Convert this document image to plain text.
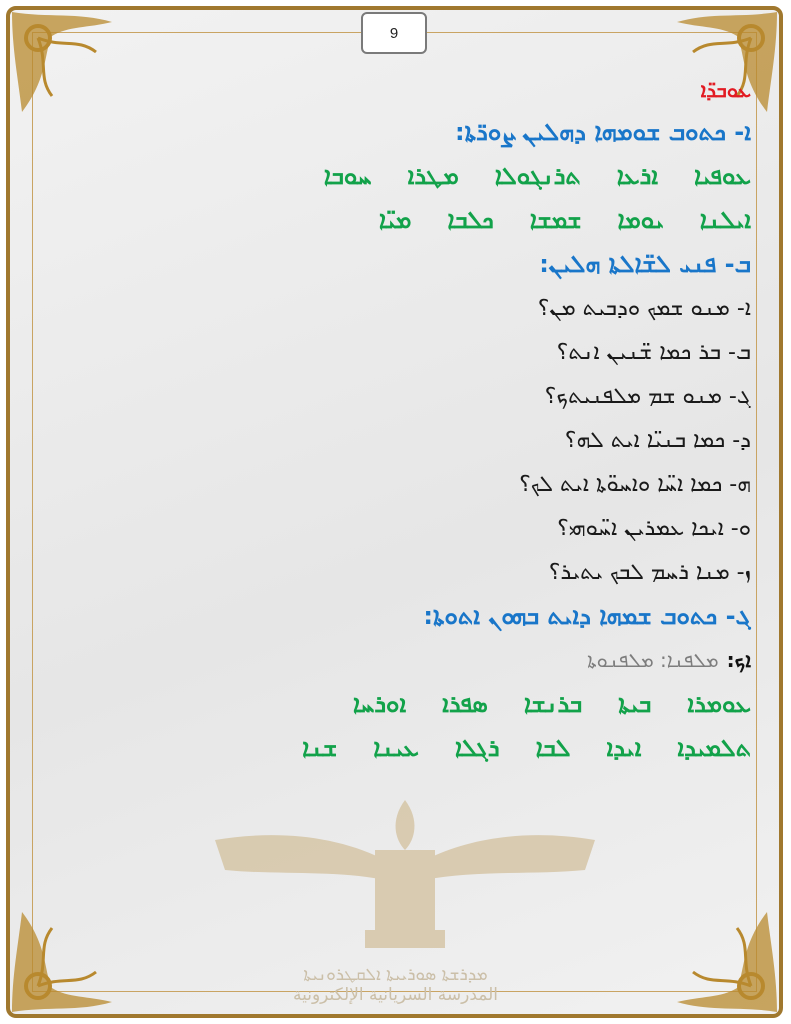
9
ܥܘܒܕ̈ܐ
ܐ- ܟܬܘܒ ܫܘܡܗܐ ܕܗܠܝܢ ܨܘܪ̈ܬܐ:
ܥܘܦܝܐ
ܐܪܥܐ
ܬܪܢܓܘܠܐ
ܡܛܪܐ
ܚܘܒܐ
ܐܝܠܢܐ
ܝܘܡܐ
ܫܡܫܐ
ܟܠܒܐ
ܡܝ̈ܐ
ܒ- ܦܢܝ ܠܫ̈ܐܠܬܐ ܗܠܝܢ:
ܐ- ܡܢܘ ܫܡܟ ܘܕܒܝܬ ܡܢ؟
ܒ- ܒܪ ܟܡܐ ܫ̈ܢܝܢ ܐܢܬ؟
ܓ- ܡܢܘ ܫܡ ܡܠܦܢܝܬܟ؟
ܕ- ܟܡܐ ܒܢܝ̈ܐ ܐܝܬ ܠܗ؟
ܗ- ܟܡܐ ܐܚ̈ܐ ܘܐܚܘ̈ܬܐ ܐܝܬ ܠܟ؟
ܘ- ܐܝܟܐ ܥܡܪܝܢ ܐܚ̈ܘܗܝ؟
ܙ- ܡܢܐ ܪܚܡ ܠܒܟ ܝܬܝܪ؟
ܓ- ܟܬܘܒ ܫܡܗܐ ܕܐܝܬ ܒܗܘܢ ܐܬܘܬܐ:
ܐܟ:
ܡܠܦܢܐ: ܡܠܦܢܘܬܐ
ܥܘܡܪܐ
ܒܝܬܐ
ܒܪܢܫܐ
ܣܦܪܐ
ܐܘܪܚܐ
ܬܠܡܝܕܐ
ܐܝܕܐ
ܠܒܐ
ܪܓܠܐ
ܥܝܢܐ
ܫܢܐ
ܡܕܪܫܬܐ ܣܘܪܝܝܬܐ ܐܠܩܛܪܘܢܝܬܐ
المدرسة السريانية الإلكترونية
